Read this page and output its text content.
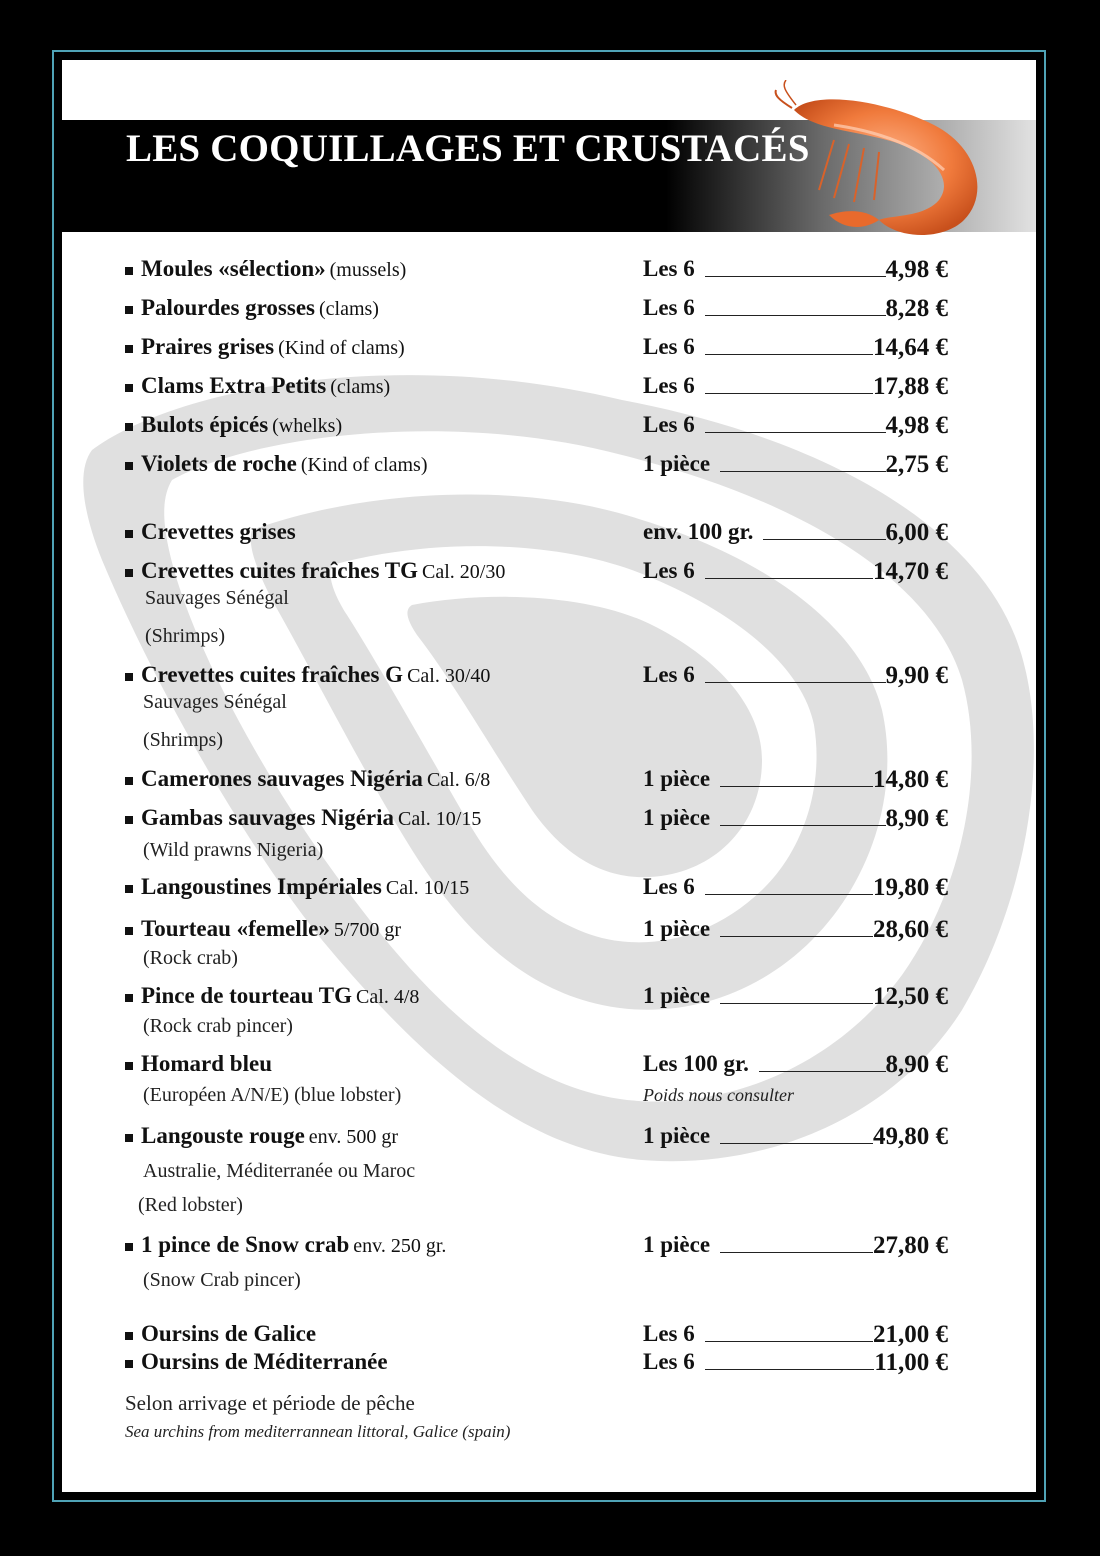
LES COQUILLAGES ET CRUSTACÉS
Moules «sélection» (mussels)	Les 6	4,98 €
Palourdes grosses (clams)	Les 6	8,28 €
Praires grises (Kind of clams)	Les 6	14,64 €
Clams Extra Petits (clams)	Les 6	17,88 €
Bulots épicés (whelks)	Les 6	4,98 €
Violets de roche (Kind of clams)	1 pièce	2,75 €
Crevettes grises	env. 100 gr.	6,00 €
Crevettes cuites fraîches TG Cal. 20/30	Les 6	14,70 €
Sauvages Sénégal
(Shrimps)
Crevettes cuites fraîches G Cal. 30/40	Les 6	9,90 €
Sauvages Sénégal
(Shrimps)
Camerones sauvages Nigéria Cal. 6/8	1 pièce	14,80 €
Gambas sauvages Nigéria Cal. 10/15	1 pièce	8,90 €
(Wild prawns Nigeria)
Langoustines Impériales Cal. 10/15	Les 6	19,80 €
Tourteau «femelle» 5/700 gr	1 pièce	28,60 €
(Rock crab)
Pince de tourteau TG Cal. 4/8	1 pièce	12,50 €
(Rock crab pincer)
Homard bleu	Les 100 gr.	8,90 €
(Européen A/N/E) (blue lobster)	Poids nous consulter
Langouste rouge env. 500 gr	1 pièce	49,80 €
Australie, Méditerranée ou Maroc
(Red lobster)
1 pince de Snow crab env. 250 gr.	1 pièce	27,80 €
(Snow Crab pincer)
Oursins de Galice	Les 6	21,00 €
Oursins de Méditerranée	Les 6	11,00 €
Selon arrivage et période de pêche
Sea urchins from mediterrannean littoral, Galice (spain)
